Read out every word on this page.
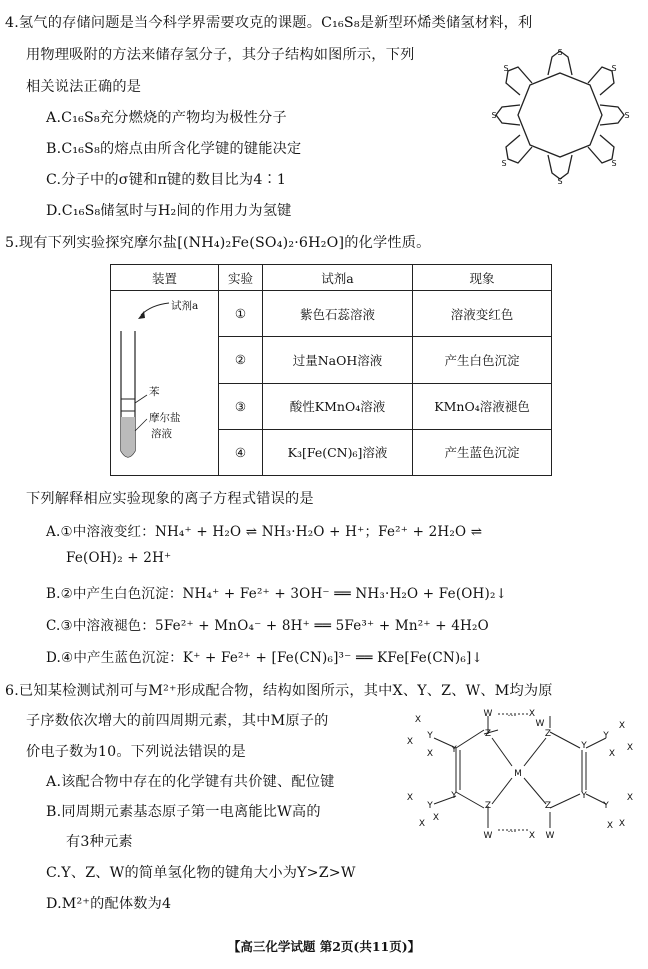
4.氢气的存储问题是当今科学界需要攻克的课题。C₁₆S₈是新型环烯类储氢材料，利
用物理吸附的方法来储存氢分子，其分子结构如图所示，下列
相关说法正确的是
A.C₁₆S₈充分燃烧的产物均为极性分子
B.C₁₆S₈的熔点由所含化学键的键能决定
C.分子中的σ键和π键的数目比为4∶1
D.C₁₆S₈储氢时与H₂间的作用力为氢键
S
S
S
S
S
S
S
S
5.现有下列实验探究摩尔盐[(NH₄)₂Fe(SO₄)₂·6H₂O]的化学性质。
装置	实验	试剂a	现象

试剂a
苯
摩尔盐
溶液	①	紫色石蕊溶液	溶液变红色
	②	过量NaOH溶液	产生白色沉淀
	③	酸性KMnO₄溶液	KMnO₄溶液褪色
	④	K₃[Fe(CN)₆]溶液	产生蓝色沉淀
下列解释相应实验现象的离子方程式错误的是
A.①中溶液变红：NH₄⁺ + H₂O ⇌ NH₃·H₂O + H⁺；Fe²⁺ + 2H₂O ⇌
Fe(OH)₂ + 2H⁺
B.②中产生白色沉淀：NH₄⁺ + Fe²⁺ + 3OH⁻ ══ NH₃·H₂O + Fe(OH)₂↓
C.③中溶液褪色：5Fe²⁺ + MnO₄⁻ + 8H⁺ ══ 5Fe³⁺ + Mn²⁺ + 4H₂O
D.④中产生蓝色沉淀：K⁺ + Fe²⁺ + [Fe(CN)₆]³⁻ ══ KFe[Fe(CN)₆]↓
6.已知某检测试剂可与M²⁺形成配合物，结构如图所示，其中X、Y、Z、W、M均为原
子序数依次增大的前四周期元素，其中M原子的
价电子数为10。下列说法错误的是
A.该配合物中存在的化学键有共价键、配位键
B.同周期元素基态原子第一电离能比W高的
有3种元素
C.Y、Z、W的简单氢化物的键角大小为Y>Z>W
D.M²⁺的配体数为4
Y
X
X
X Y
Z
W … X
W
M
Z
Y
Y
X
X
X
Y
Y
X
X
X
Z
W
…
X
Z
W
Y
Y
X
X
X
【高三化学试题 第2页(共11页)】
